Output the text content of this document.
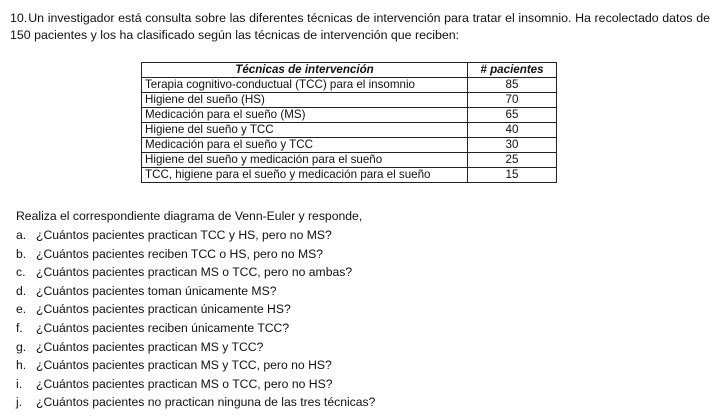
10.Un investigador está consulta sobre las diferentes técnicas de intervención para tratar el insomnio. Ha recolectado datos de 150 pacientes y los ha clasificado según las técnicas de intervención que reciben:
Técnicas de intervención	# pacientes
Terapia cognitivo-conductual (TCC) para el insomnio	85
Higiene del sueño (HS)	70
Medicación para el sueño (MS)	65
Higiene del sueño y TCC	40
Medicación para el sueño y TCC	30
Higiene del sueño y medicación para el sueño	25
TCC, higiene para el sueño y medicación para el sueño	15
Realiza el correspondiente diagrama de Venn-Euler y responde,
a. ¿Cuántos pacientes practican TCC y HS, pero no MS?
b. ¿Cuántos pacientes reciben TCC o HS, pero no MS?
c. ¿Cuántos pacientes practican MS o TCC, pero no ambas?
d. ¿Cuántos pacientes toman únicamente MS?
e. ¿Cuántos pacientes practican únicamente HS?
f. ¿Cuántos pacientes reciben únicamente TCC?
g. ¿Cuántos pacientes practican MS y TCC?
h. ¿Cuántos pacientes practican MS y TCC, pero no HS?
i. ¿Cuántos pacientes practican MS o TCC, pero no HS?
j. ¿Cuántos pacientes no practican ninguna de las tres técnicas?
